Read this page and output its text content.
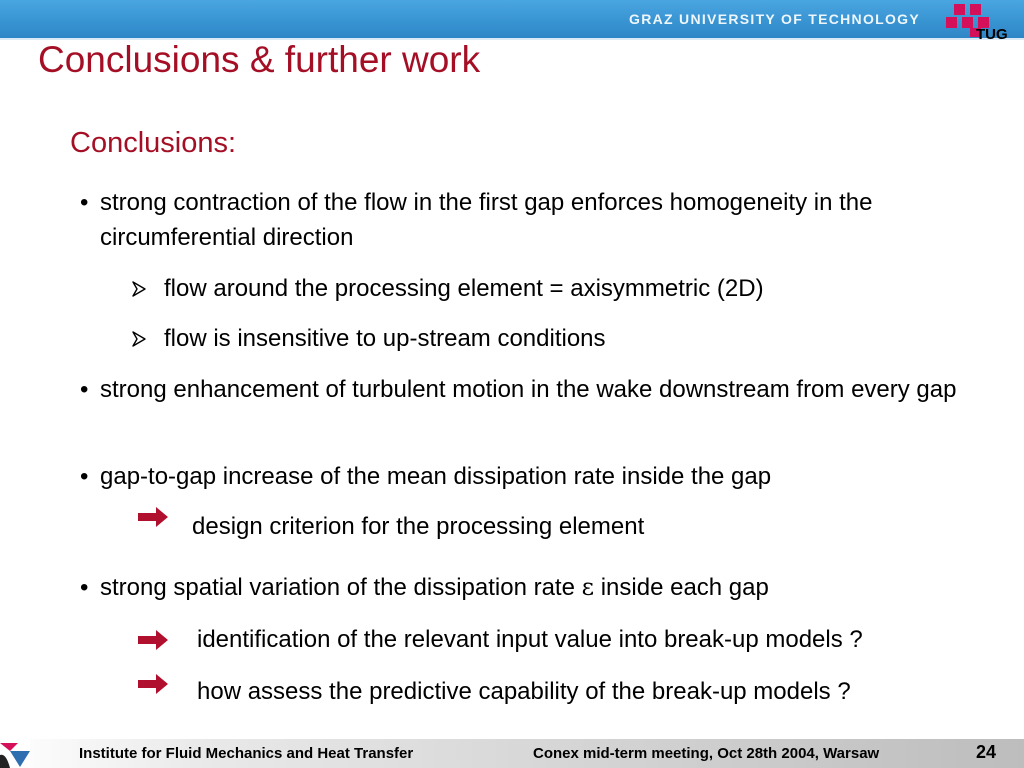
GRAZ UNIVERSITY OF TECHNOLOGY
TUG
Conclusions & further work
Conclusions:
• strong contraction of the flow in the first gap enforces homogeneity in the circumferential direction
flow around the processing element = axisymmetric (2D)
flow is insensitive to up-stream conditions
• strong enhancement of turbulent motion in the wake downstream from every gap
• gap-to-gap increase of the mean dissipation rate inside the gap
design criterion for the processing element
• strong spatial variation of the dissipation rate ε inside each gap
identification of the relevant input value into break-up models ?
how assess the predictive capability of the break-up models ?
Institute for Fluid Mechanics and Heat Transfer	Conex mid-term meeting, Oct 28th 2004, Warsaw	24
